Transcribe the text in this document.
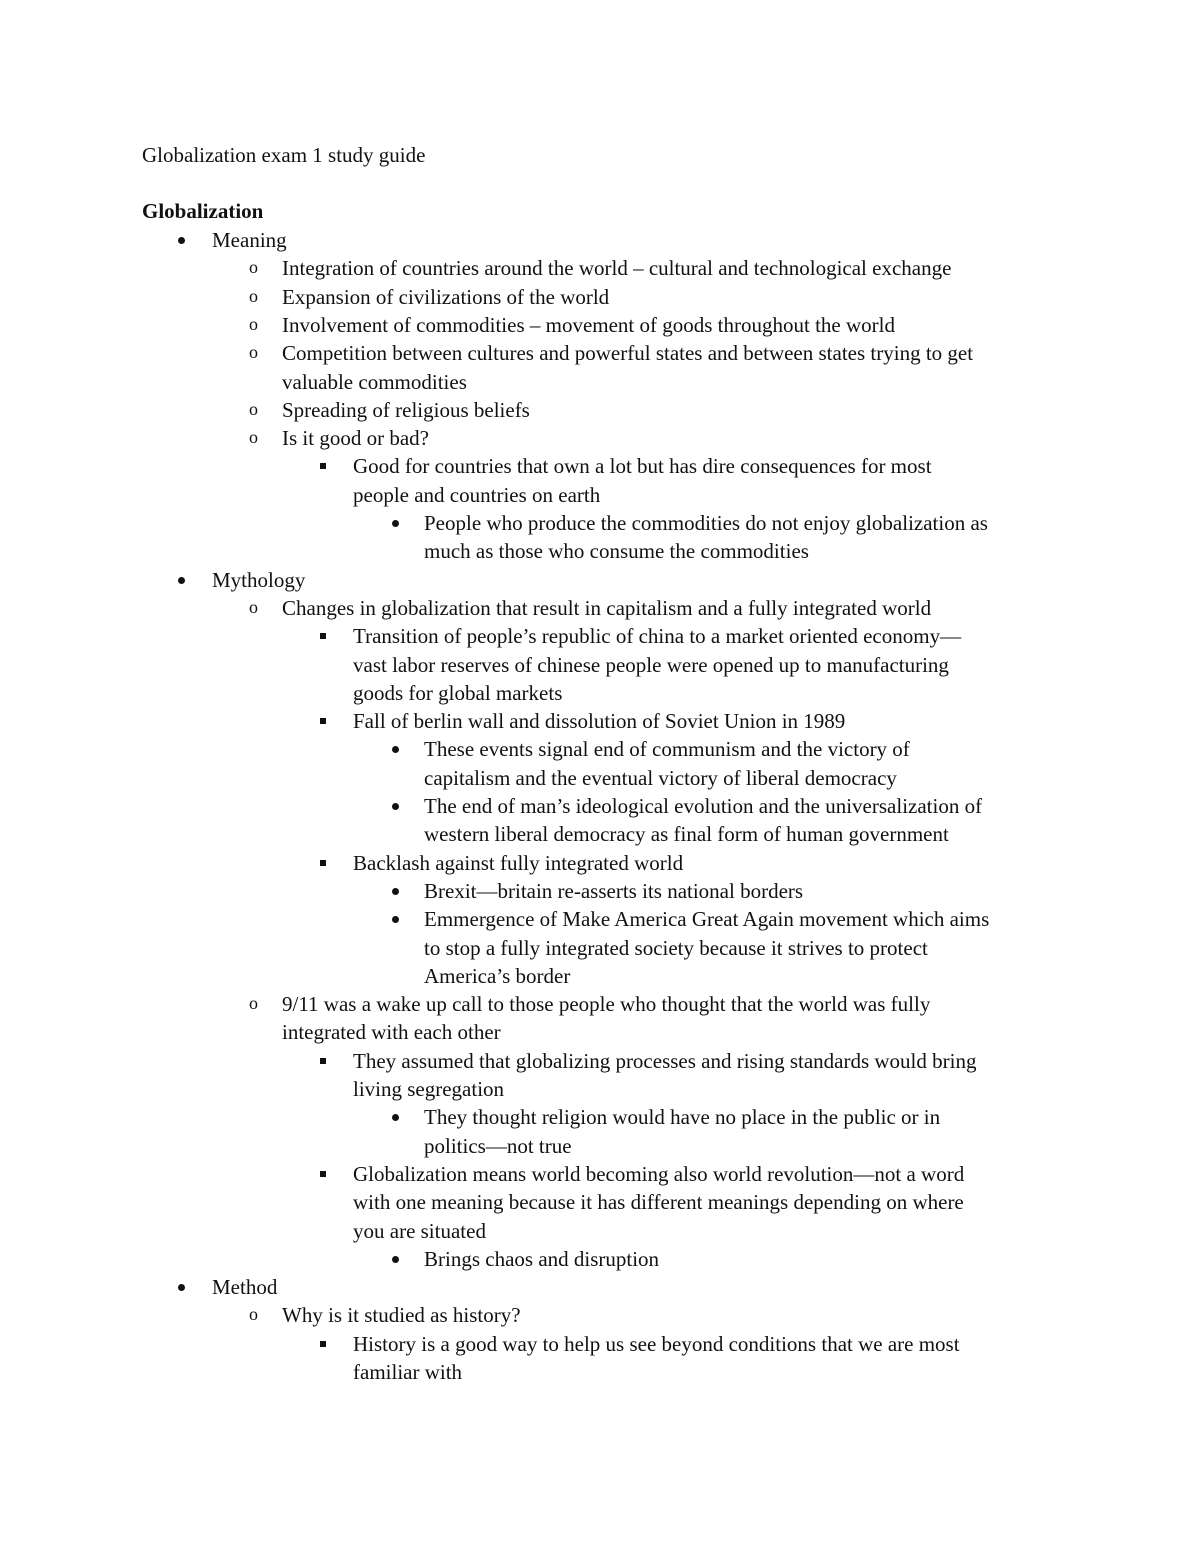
Globalization exam 1 study guide
Globalization
Meaning
o Integration of countries around the world – cultural and technological exchange
o Expansion of civilizations of the world
o Involvement of commodities – movement of goods throughout the world
o Competition between cultures and powerful states and between states trying to get
valuable commodities
o Spreading of religious beliefs
o Is it good or bad?
Good for countries that own a lot but has dire consequences for most
people and countries on earth
People who produce the commodities do not enjoy globalization as
much as those who consume the commodities
Mythology
o Changes in globalization that result in capitalism and a fully integrated world
Transition of people’s republic of china to a market oriented economy—
vast labor reserves of chinese people were opened up to manufacturing
goods for global markets
Fall of berlin wall and dissolution of Soviet Union in 1989
These events signal end of communism and the victory of
capitalism and the eventual victory of liberal democracy
The end of man’s ideological evolution and the universalization of
western liberal democracy as final form of human government
Backlash against fully integrated world
Brexit—britain re-asserts its national borders
Emmergence of Make America Great Again movement which aims
to stop a fully integrated society because it strives to protect
America’s border
o 9/11 was a wake up call to those people who thought that the world was fully
integrated with each other
They assumed that globalizing processes and rising standards would bring
living segregation
They thought religion would have no place in the public or in
politics—not true
Globalization means world becoming also world revolution—not a word
with one meaning because it has different meanings depending on where
you are situated
Brings chaos and disruption
Method
o Why is it studied as history?
History is a good way to help us see beyond conditions that we are most
familiar with
